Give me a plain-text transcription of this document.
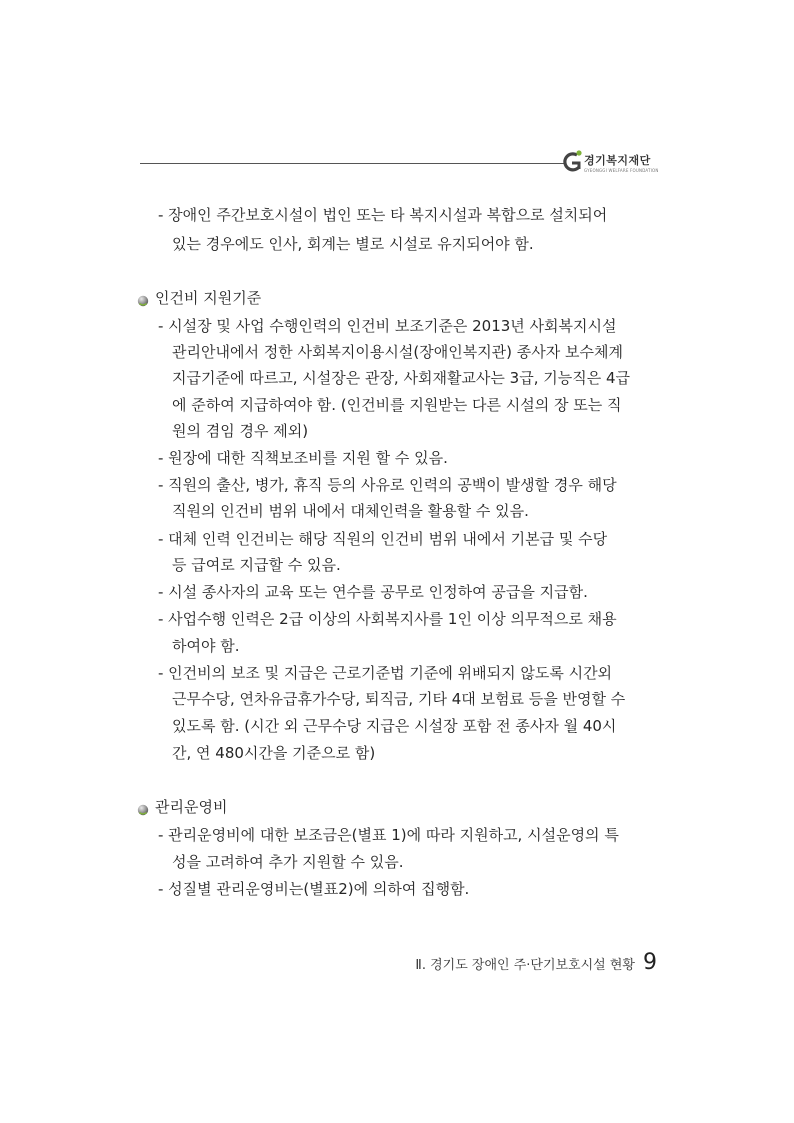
경기복지재단
GYEONGGI WELFARE FOUNDATION
- 장애인 주간보호시설이 법인 또는 타 복지시설과 복합으로 설치되어
있는 경우에도 인사, 회계는 별로 시설로 유지되어야 함.
인건비 지원기준
- 시설장 및 사업 수행인력의 인건비 보조기준은 2013년 사회복지시설
관리안내에서 정한 사회복지이용시설(장애인복지관) 종사자 보수체계
지급기준에 따르고, 시설장은 관장, 사회재활교사는 3급, 기능직은 4급
에 준하여 지급하여야 함. (인건비를 지원받는 다른 시설의 장 또는 직
원의 겸임 경우 제외)
- 원장에 대한 직책보조비를 지원 할 수 있음.
- 직원의 출산, 병가, 휴직 등의 사유로 인력의 공백이 발생할 경우 해당
직원의 인건비 범위 내에서 대체인력을 활용할 수 있음.
- 대체 인력 인건비는 해당 직원의 인건비 범위 내에서 기본급 및 수당
등 급여로 지급할 수 있음.
- 시설 종사자의 교육 또는 연수를 공무로 인정하여 공급을 지급함.
- 사업수행 인력은 2급 이상의 사회복지사를 1인 이상 의무적으로 채용
하여야 함.
- 인건비의 보조 및 지급은 근로기준법 기준에 위배되지 않도록 시간외
근무수당, 연차유급휴가수당, 퇴직금, 기타 4대 보험료 등을 반영할 수
있도록 함. (시간 외 근무수당 지급은 시설장 포함 전 종사자 월 40시
간, 연 480시간을 기준으로 함)
관리운영비
- 관리운영비에 대한 보조금은(별표 1)에 따라 지원하고, 시설운영의 특
성을 고려하여 추가 지원할 수 있음.
- 성질별 관리운영비는(별표2)에 의하여 집행함.
Ⅱ. 경기도 장애인 주·단기보호시설 현황 9
